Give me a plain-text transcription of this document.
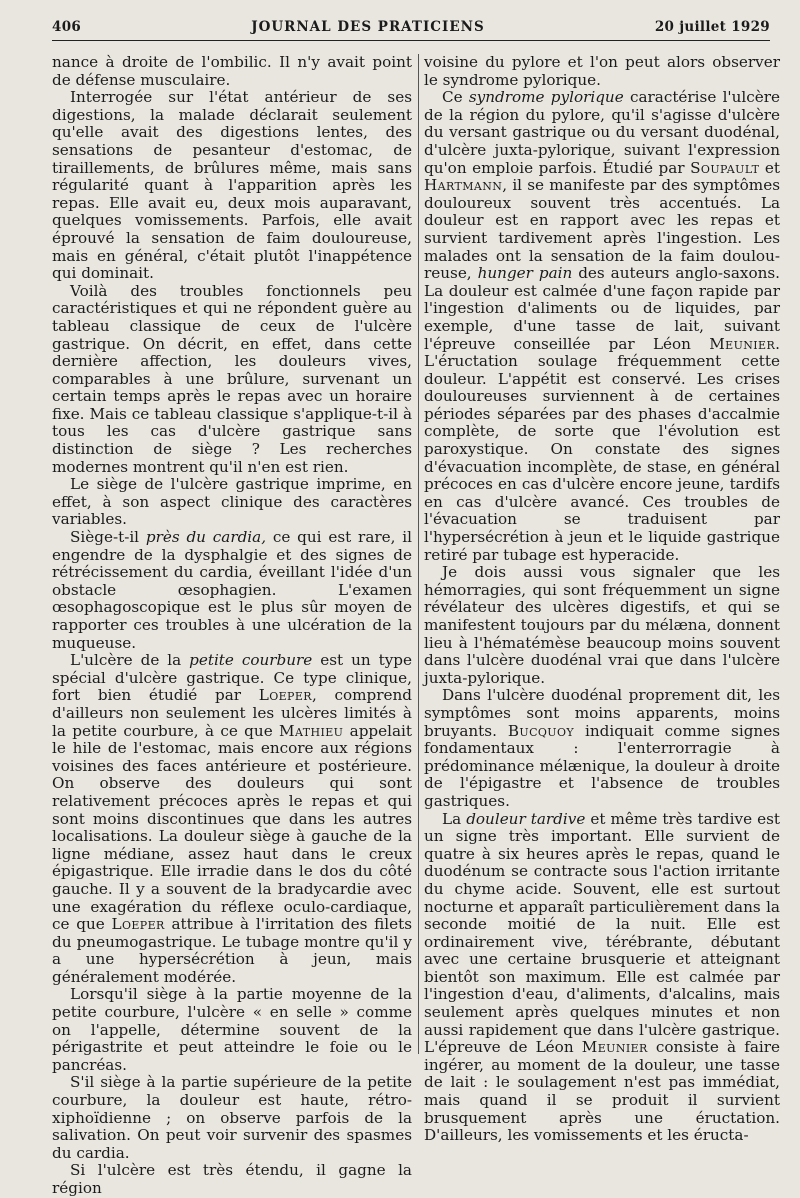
406	JOURNAL DES PRATICIENS	20 juillet 1929

nance à droite de l'ombilic. Il n'y avait point de défense musculaire.

Interrogée sur l'état antérieur de ses digestions, la malade déclarait seulement qu'elle avait des digestions lentes, des sensations de pesanteur d'estomac, de tiraillements, de brûlures même, mais sans régularité quant à l'apparition après les repas. Elle avait eu, deux mois auparavant, quelques vomissements. Parfois, elle avait éprouvé la sensation de faim douloureuse, mais en général, c'était plutôt l'inappétence qui dominait.

Voilà des troubles fonctionnels peu caractéristiques et qui ne répondent guère au tableau classique de ceux de l'ulcère gastrique. On décrit, en effet, dans cette dernière affection, les douleurs vives, comparables à une brûlure, survenant un certain temps après le repas avec un horaire fixe. Mais ce tableau classique s'applique-t-il à tous les cas d'ulcère gastrique sans distinction de siège ? Les recherches modernes montrent qu'il n'en est rien.

Le siège de l'ulcère gastrique imprime, en effet, à son aspect clinique des caractères variables.

Siège-t-il près du cardia, ce qui est rare, il engendre de la dysphalgie et des signes de rétrécissement du cardia, éveillant l'idée d'un obstacle œsophagien. L'examen œsophagoscopique est le plus sûr moyen de rapporter ces troubles à une ulcération de la muqueuse.

L'ulcère de la petite courbure est un type spécial d'ulcère gastrique. Ce type clinique, fort bien étudié par Loeper, comprend d'ailleurs non seulement les ulcères limités à la petite courbure, à ce que Mathieu appelait le hile de l'estomac, mais encore aux régions voisines des faces antérieure et postérieure. On observe des douleurs qui sont relativement précoces après le repas et qui sont moins discontinues que dans les autres localisations. La douleur siège à gauche de la ligne médiane, assez haut dans le creux épigastrique. Elle irradie dans le dos du côté gauche. Il y a souvent de la bradycardie avec une exagération du réflexe oculo-cardiaque, ce que Loeper attribue à l'irritation des filets du pneumogastrique. Le tubage montre qu'il y a une hypersécrétion à jeun, mais généralement modérée.

Lorsqu'il siège à la partie moyenne de la petite courbure, l'ulcère « en selle » comme on l'appelle, détermine souvent de la périgastrite et peut atteindre le foie ou le pancréas.

S'il siège à la partie supérieure de la petite courbure, la douleur est haute, rétro-xiphoïdienne ; on observe parfois de la salivation. On peut voir survenir des spasmes du cardia.

Si l'ulcère est très étendu, il gagne la région

voisine du pylore et l'on peut alors observer le syndrome pylorique.

Ce syndrome pylorique caractérise l'ulcère de la région du pylore, qu'il s'agisse d'ulcère du versant gastrique ou du versant duodénal, d'ulcère juxta-pylorique, suivant l'expression qu'on emploie parfois. Étudié par Soupault et Hartmann, il se manifeste par des symptômes douloureux souvent très accentués. La douleur est en rapport avec les repas et survient tardivement après l'ingestion. Les malades ont la sensation de la faim douloureuse, hunger pain des auteurs anglo-saxons. La douleur est calmée d'une façon rapide par l'ingestion d'aliments ou de liquides, par exemple, d'une tasse de lait, suivant l'épreuve conseillée par Léon Meunier. L'éructation soulage fréquemment cette douleur. L'appétit est conservé. Les crises douloureuses surviennent à de certaines périodes séparées par des phases d'accalmie complète, de sorte que l'évolution est paroxystique. On constate des signes d'évacuation incomplète, de stase, en général précoces en cas d'ulcère encore jeune, tardifs en cas d'ulcère avancé. Ces troubles de l'évacuation se traduisent par l'hypersécrétion à jeun et le liquide gastrique retiré par tubage est hyperacide.

Je dois aussi vous signaler que les hémorragies, qui sont fréquemment un signe révélateur des ulcères digestifs, et qui se manifestent toujours par du mélæna, donnent lieu à l'hématémèse beaucoup moins souvent dans l'ulcère duodénal vrai que dans l'ulcère juxta-pylorique.

Dans l'ulcère duodénal proprement dit, les symptômes sont moins apparents, moins bruyants. Bucquoy indiquait comme signes fondamentaux : l'enterrorragie à prédominance mélænique, la douleur à droite de l'épigastre et l'absence de troubles gastriques.

La douleur tardive et même très tardive est un signe très important. Elle survient de quatre à six heures après le repas, quand le duodénum se contracte sous l'action irritante du chyme acide. Souvent, elle est surtout nocturne et apparaît particulièrement dans la seconde moitié de la nuit. Elle est ordinairement vive, térébrante, débutant avec une certaine brusquerie et atteignant bientôt son maximum. Elle est calmée par l'ingestion d'eau, d'aliments, d'alcalins, mais seulement après quelques minutes et non aussi rapidement que dans l'ulcère gastrique. L'épreuve de Léon Meunier consiste à faire ingérer, au moment de la douleur, une tasse de lait : le soulagement n'est pas immédiat, mais quand il se produit il survient brusquement après une éructation. D'ailleurs, les vomissements et les éructa-
